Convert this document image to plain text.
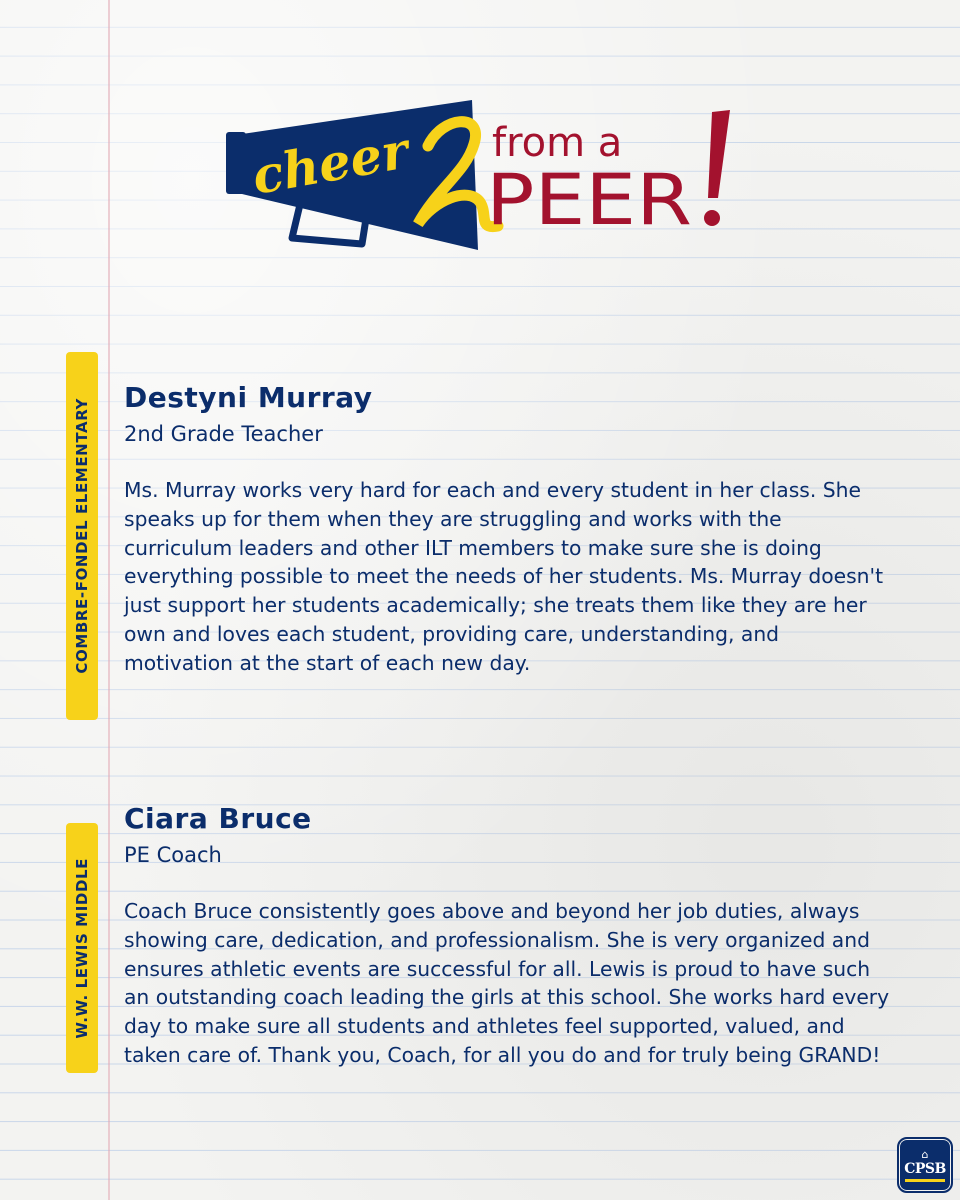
cheer from a
PEER
COMBRE-FONDEL ELEMENTARY
Destyni Murray

2nd Grade Teacher

Ms. Murray works very hard for each and every student in her class. She speaks up for them when they are struggling and works with the curriculum leaders and other ILT members to make sure she is doing everything possible to meet the needs of her students. Ms. Murray doesn't just support her students academically; she treats them like they are her own and loves each student, providing care, understanding, and motivation at the start of each new day.

W.W. LEWIS MIDDLE
Ciara Bruce

PE Coach

Coach Bruce consistently goes above and beyond her job duties, always showing care, dedication, and professionalism. She is very organized and ensures athletic events are successful for all. Lewis is proud to have such an outstanding coach leading the girls at this school. She works hard every day to make sure all students and athletes feel supported, valued, and taken care of. Thank you, Coach, for all you do and for truly being GRAND!

⌂
CPSB
